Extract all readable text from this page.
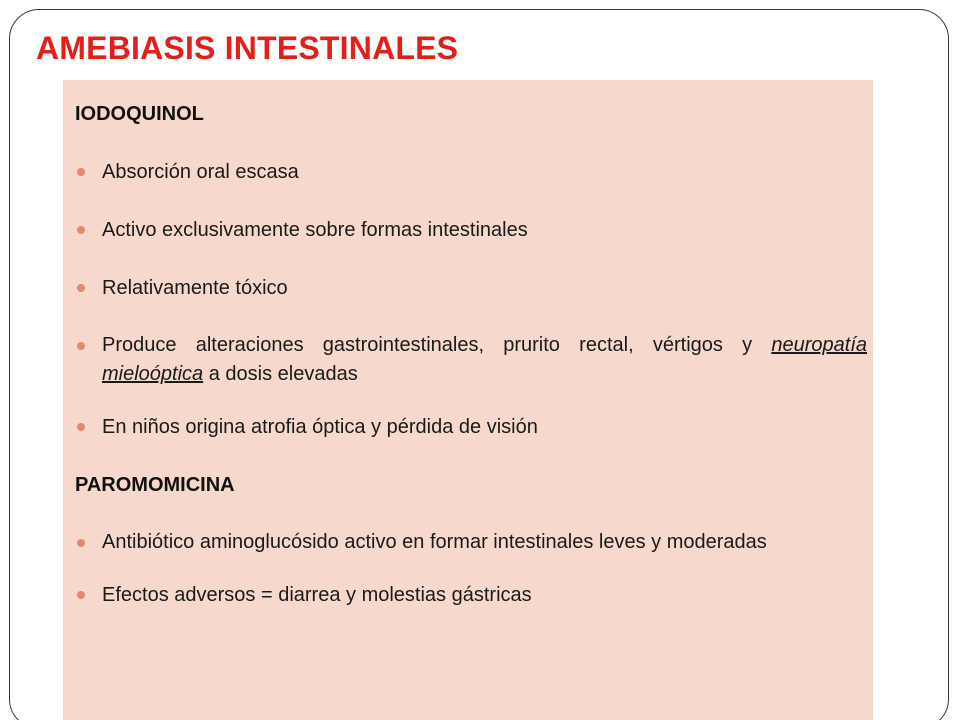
AMEBIASIS INTESTINALES
IODOQUINOL
Absorción oral escasa
Activo exclusivamente sobre formas intestinales
Relativamente tóxico
Produce alteraciones gastrointestinales, prurito rectal, vértigos y neuropatía mieloóptica a dosis elevadas
En niños origina atrofia óptica y pérdida de visión
PAROMOMICINA
Antibiótico aminoglucósido activo en formar intestinales leves y moderadas
Efectos adversos = diarrea y molestias gástricas
